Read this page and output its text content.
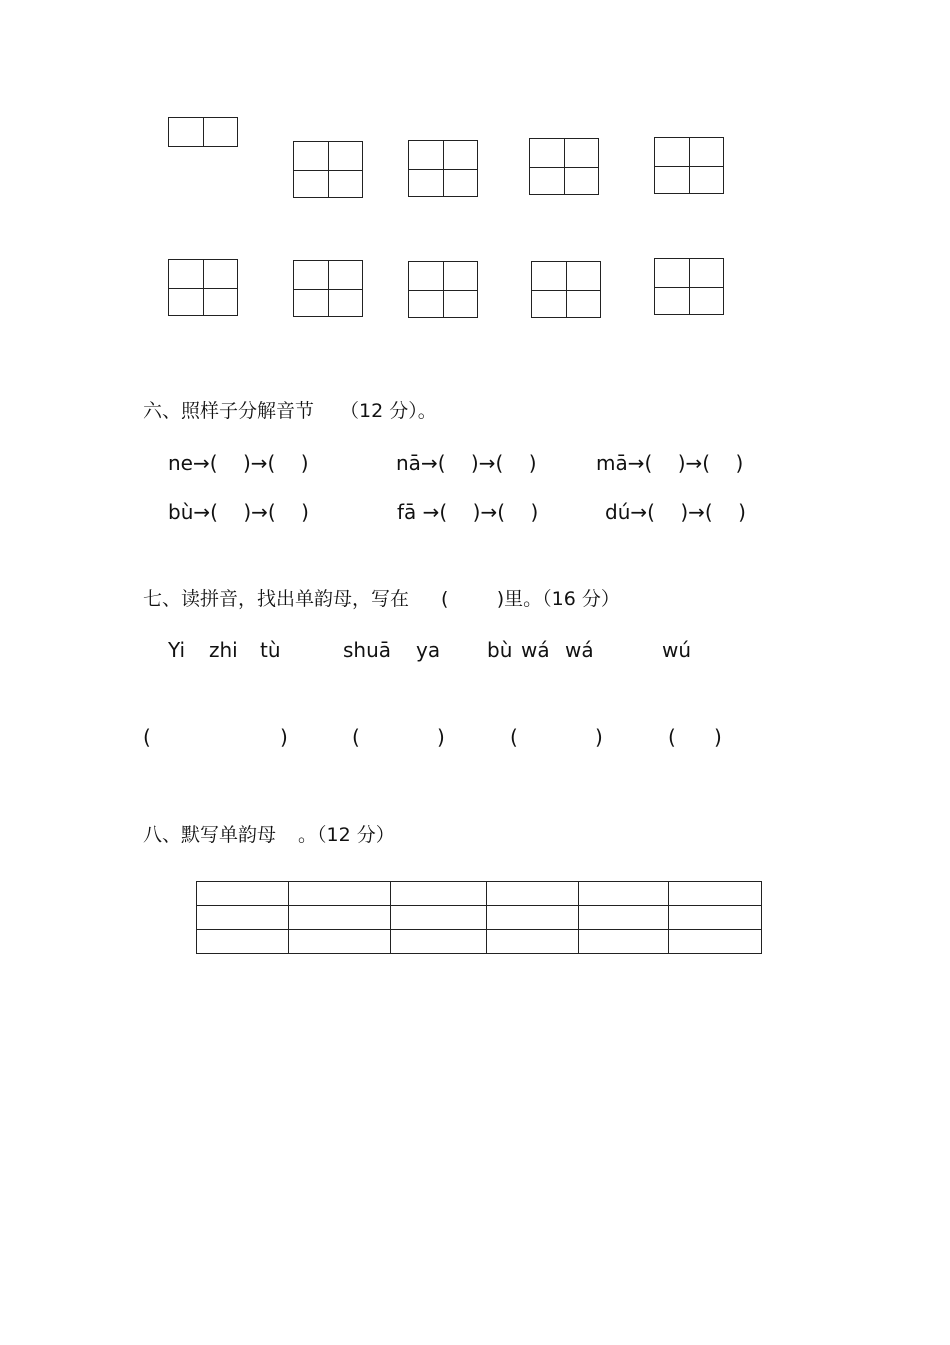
六、照样子分解音节 （12 分）。
ne→(    )→(    )	nā→(    )→(    )	mā→(    )→(    )
bù→(    )→(    )	fā →(    )→(    )	dú→(    )→(    )
七、读拼音，找出单韵母，写在 (        )里。（16 分）
Yi zhi tù	shuā ya bù wá wá	wú
(	)	(	)	(	)	( )
八、默写单韵母 。（12 分）
